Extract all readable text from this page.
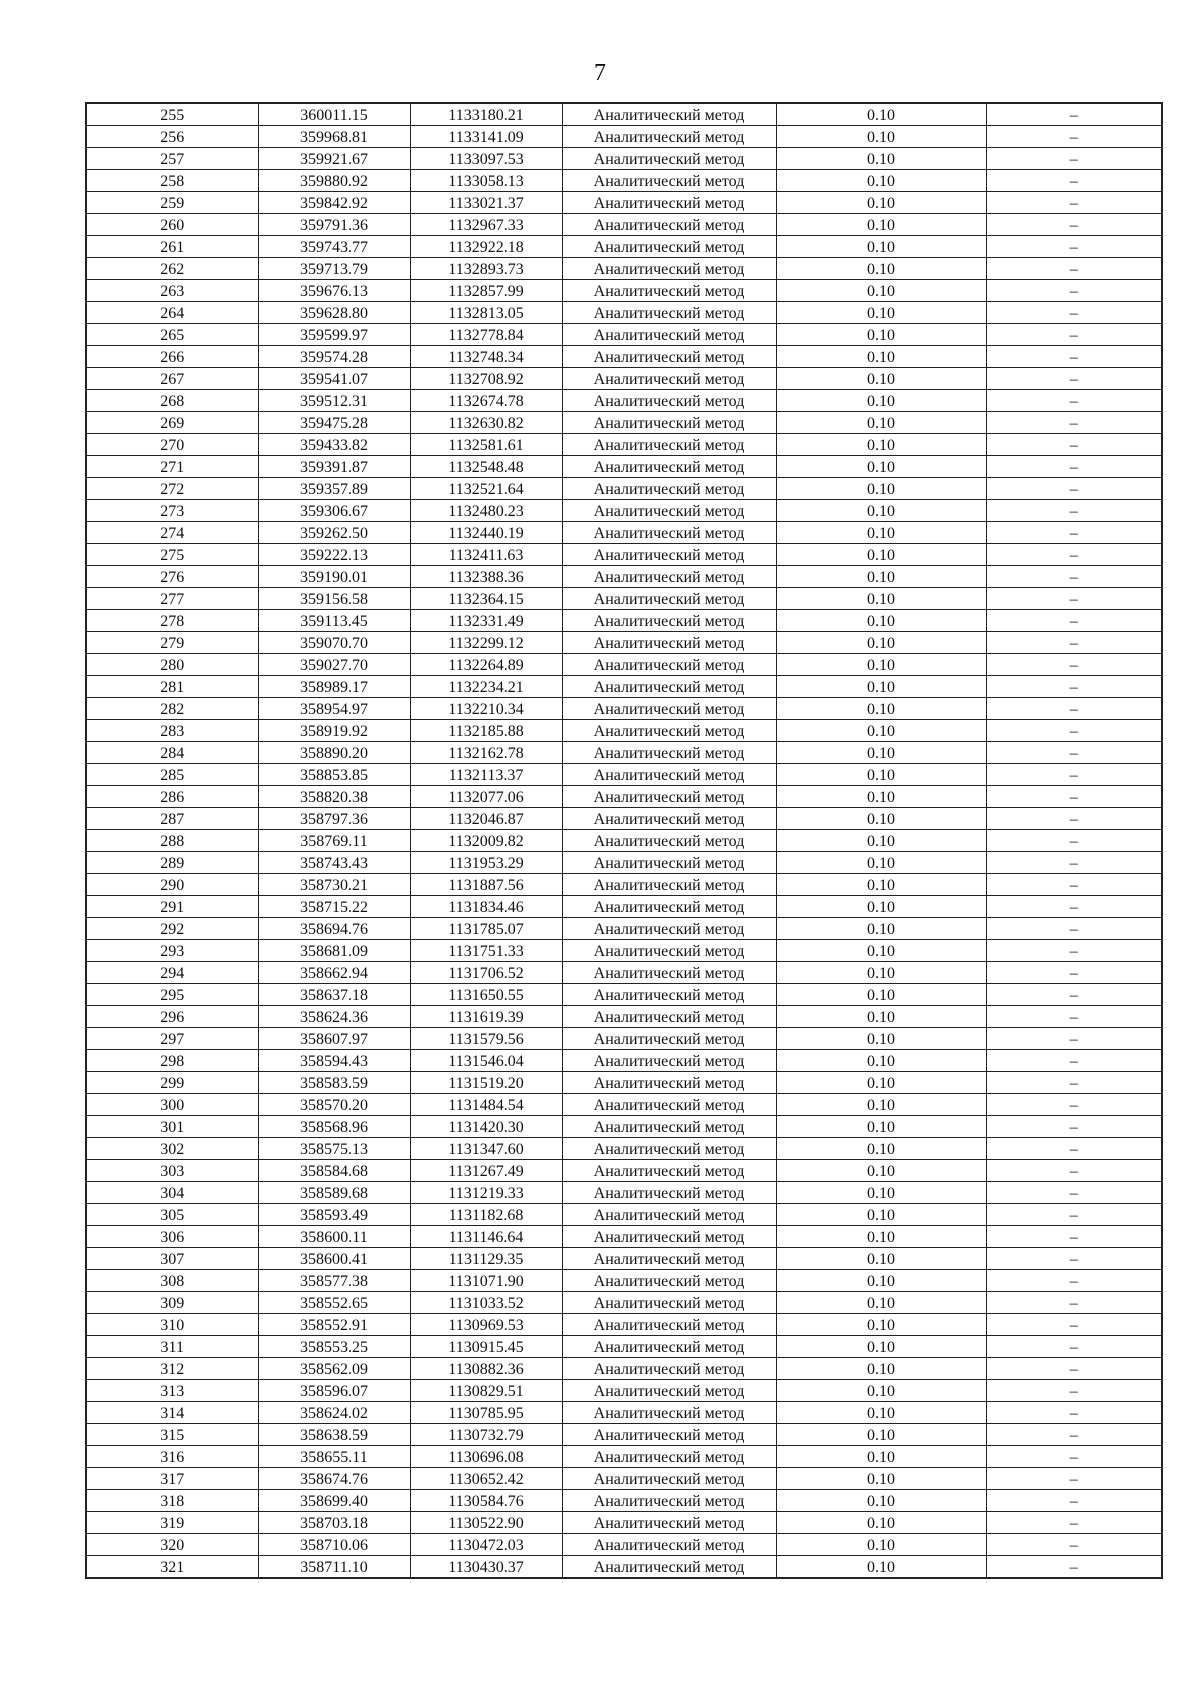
7
255	360011.15	1133180.21	Аналитический метод	0.10	–
256	359968.81	1133141.09	Аналитический метод	0.10	–
257	359921.67	1133097.53	Аналитический метод	0.10	–
258	359880.92	1133058.13	Аналитический метод	0.10	–
259	359842.92	1133021.37	Аналитический метод	0.10	–
260	359791.36	1132967.33	Аналитический метод	0.10	–
261	359743.77	1132922.18	Аналитический метод	0.10	–
262	359713.79	1132893.73	Аналитический метод	0.10	–
263	359676.13	1132857.99	Аналитический метод	0.10	–
264	359628.80	1132813.05	Аналитический метод	0.10	–
265	359599.97	1132778.84	Аналитический метод	0.10	–
266	359574.28	1132748.34	Аналитический метод	0.10	–
267	359541.07	1132708.92	Аналитический метод	0.10	–
268	359512.31	1132674.78	Аналитический метод	0.10	–
269	359475.28	1132630.82	Аналитический метод	0.10	–
270	359433.82	1132581.61	Аналитический метод	0.10	–
271	359391.87	1132548.48	Аналитический метод	0.10	–
272	359357.89	1132521.64	Аналитический метод	0.10	–
273	359306.67	1132480.23	Аналитический метод	0.10	–
274	359262.50	1132440.19	Аналитический метод	0.10	–
275	359222.13	1132411.63	Аналитический метод	0.10	–
276	359190.01	1132388.36	Аналитический метод	0.10	–
277	359156.58	1132364.15	Аналитический метод	0.10	–
278	359113.45	1132331.49	Аналитический метод	0.10	–
279	359070.70	1132299.12	Аналитический метод	0.10	–
280	359027.70	1132264.89	Аналитический метод	0.10	–
281	358989.17	1132234.21	Аналитический метод	0.10	–
282	358954.97	1132210.34	Аналитический метод	0.10	–
283	358919.92	1132185.88	Аналитический метод	0.10	–
284	358890.20	1132162.78	Аналитический метод	0.10	–
285	358853.85	1132113.37	Аналитический метод	0.10	–
286	358820.38	1132077.06	Аналитический метод	0.10	–
287	358797.36	1132046.87	Аналитический метод	0.10	–
288	358769.11	1132009.82	Аналитический метод	0.10	–
289	358743.43	1131953.29	Аналитический метод	0.10	–
290	358730.21	1131887.56	Аналитический метод	0.10	–
291	358715.22	1131834.46	Аналитический метод	0.10	–
292	358694.76	1131785.07	Аналитический метод	0.10	–
293	358681.09	1131751.33	Аналитический метод	0.10	–
294	358662.94	1131706.52	Аналитический метод	0.10	–
295	358637.18	1131650.55	Аналитический метод	0.10	–
296	358624.36	1131619.39	Аналитический метод	0.10	–
297	358607.97	1131579.56	Аналитический метод	0.10	–
298	358594.43	1131546.04	Аналитический метод	0.10	–
299	358583.59	1131519.20	Аналитический метод	0.10	–
300	358570.20	1131484.54	Аналитический метод	0.10	–
301	358568.96	1131420.30	Аналитический метод	0.10	–
302	358575.13	1131347.60	Аналитический метод	0.10	–
303	358584.68	1131267.49	Аналитический метод	0.10	–
304	358589.68	1131219.33	Аналитический метод	0.10	–
305	358593.49	1131182.68	Аналитический метод	0.10	–
306	358600.11	1131146.64	Аналитический метод	0.10	–
307	358600.41	1131129.35	Аналитический метод	0.10	–
308	358577.38	1131071.90	Аналитический метод	0.10	–
309	358552.65	1131033.52	Аналитический метод	0.10	–
310	358552.91	1130969.53	Аналитический метод	0.10	–
311	358553.25	1130915.45	Аналитический метод	0.10	–
312	358562.09	1130882.36	Аналитический метод	0.10	–
313	358596.07	1130829.51	Аналитический метод	0.10	–
314	358624.02	1130785.95	Аналитический метод	0.10	–
315	358638.59	1130732.79	Аналитический метод	0.10	–
316	358655.11	1130696.08	Аналитический метод	0.10	–
317	358674.76	1130652.42	Аналитический метод	0.10	–
318	358699.40	1130584.76	Аналитический метод	0.10	–
319	358703.18	1130522.90	Аналитический метод	0.10	–
320	358710.06	1130472.03	Аналитический метод	0.10	–
321	358711.10	1130430.37	Аналитический метод	0.10	–
